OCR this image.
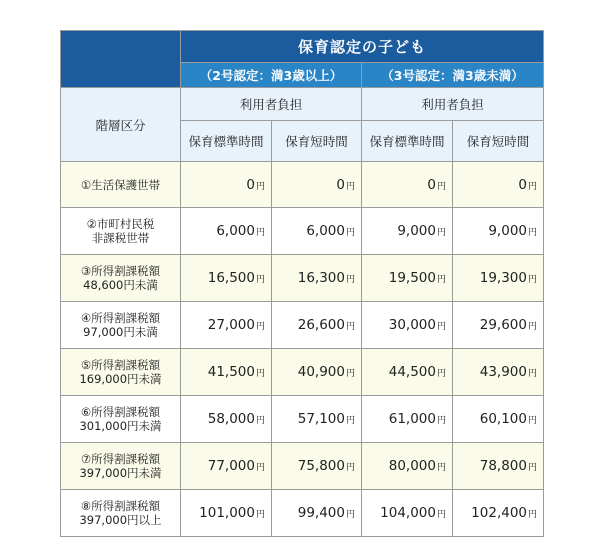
	保育認定の子ども			
	（2号認定：満3歳以上）		（3号認定：満3歳未満）	
階層区分	利用者負担		利用者負担	
	保育標準時間	保育短時間	保育標準時間	保育短時間

①生活保護世帯	0円	0円	0円	0円

②市町村民税
非課税世帯	6,000円	6,000円	9,000円	9,000円

③所得割課税額
48,600円未満	16,500円	16,300円	19,500円	19,300円

④所得割課税額
97,000円未満	27,000円	26,600円	30,000円	29,600円

⑤所得割課税額
169,000円未満	41,500円	40,900円	44,500円	43,900円

⑥所得割課税額
301,000円未満	58,000円	57,100円	61,000円	60,100円

⑦所得割課税額
397,000円未満	77,000円	75,800円	80,000円	78,800円

⑧所得割課税額
397,000円以上	101,000円	99,400円	104,000円	102,400円
